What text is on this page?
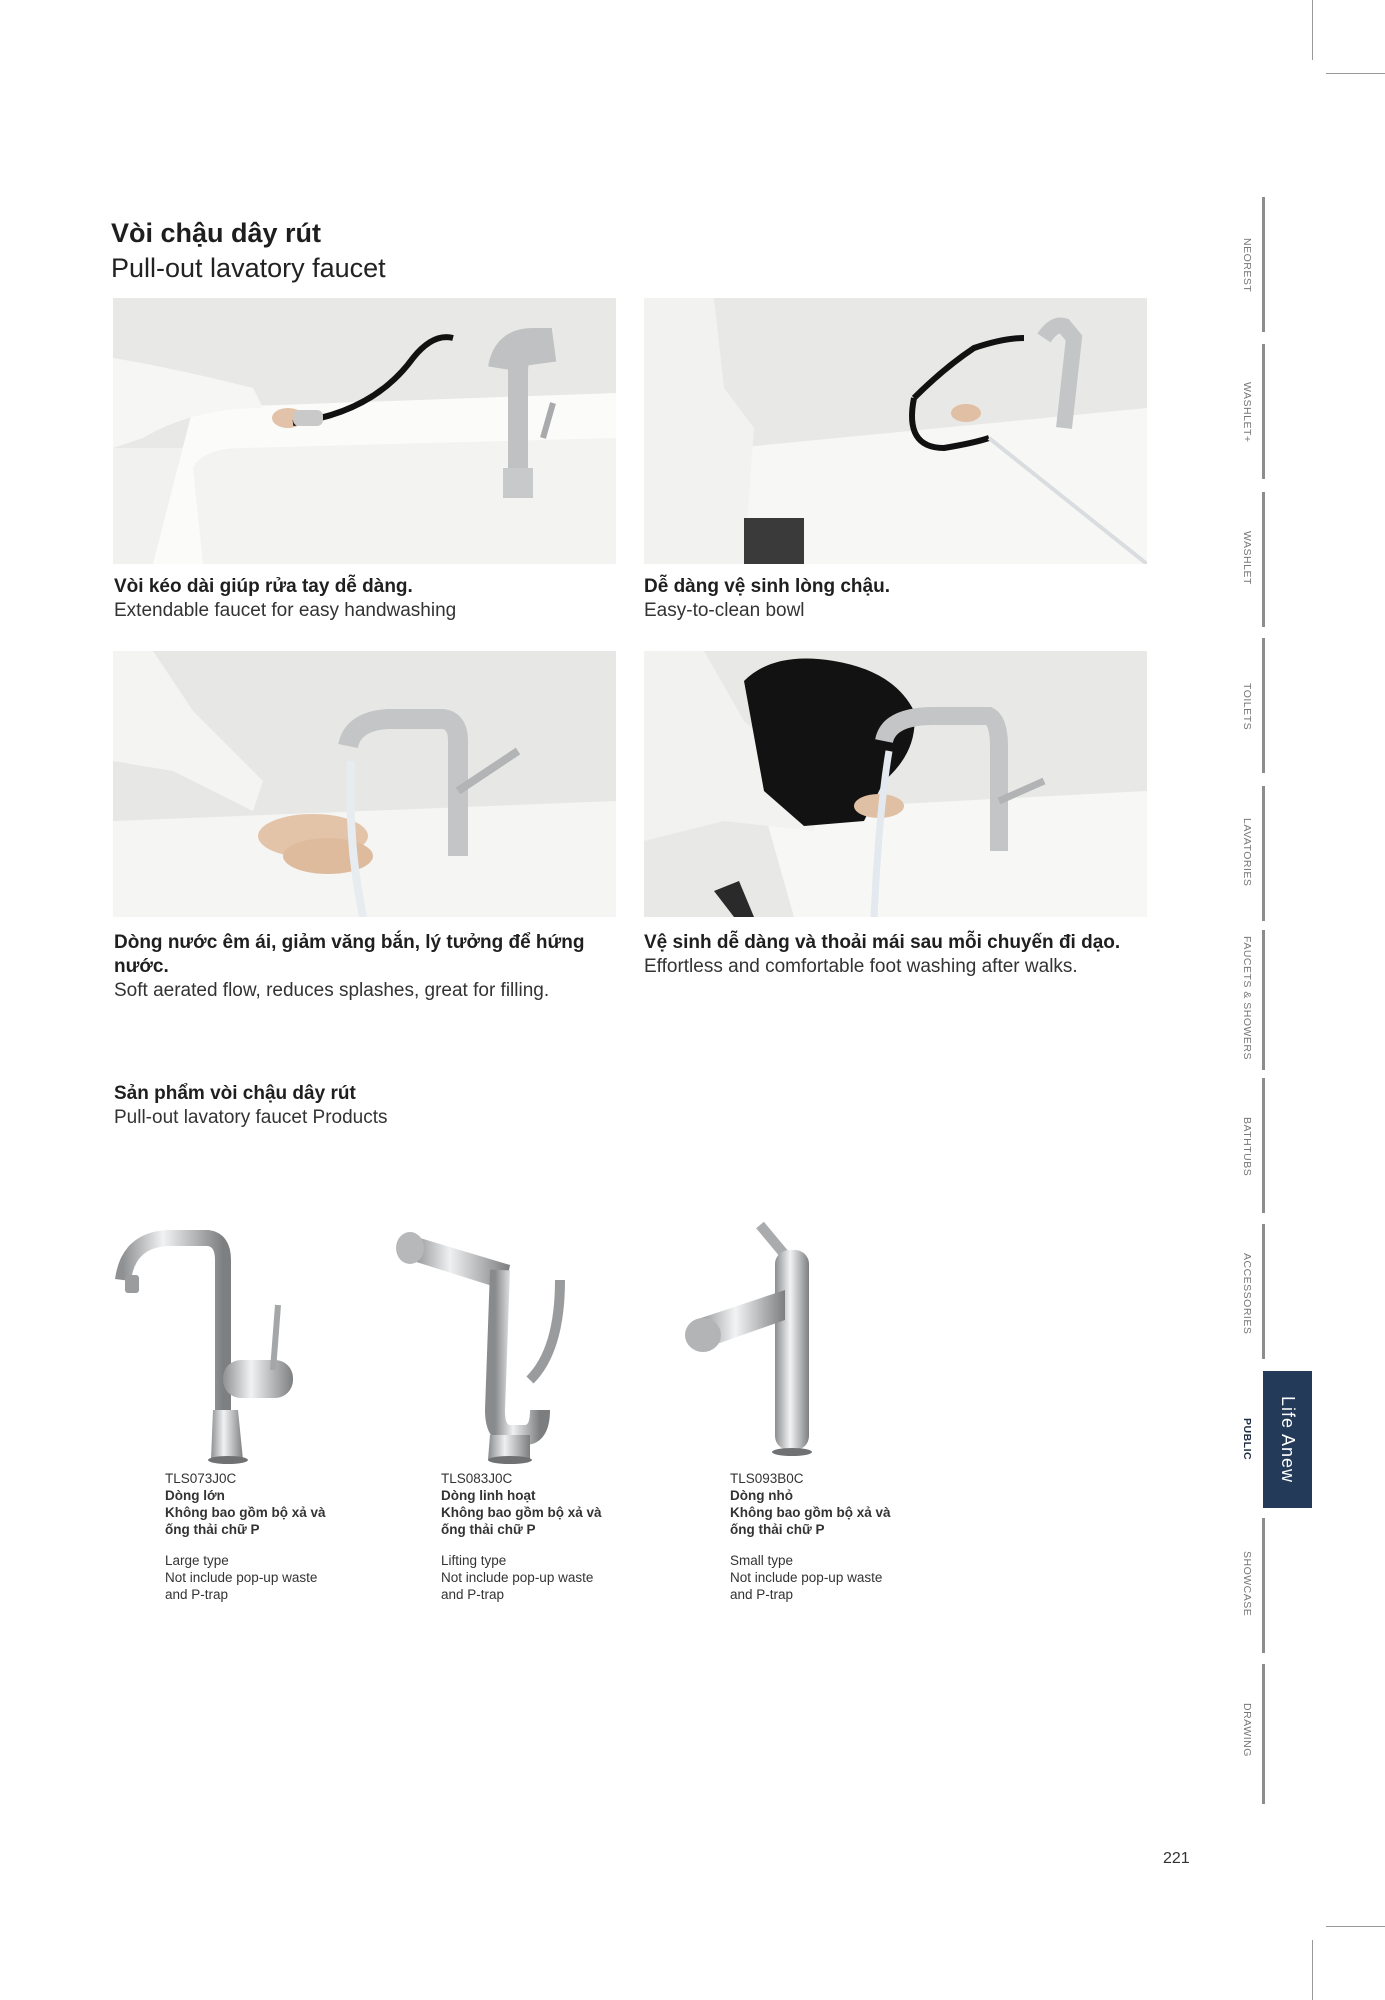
Vòi chậu dây rút
Pull-out lavatory faucet
Vòi kéo dài giúp rửa tay dễ dàng.
Extendable faucet for easy handwashing
Dễ dàng vệ sinh lòng chậu.
Easy-to-clean bowl
Dòng nước êm ái, giảm văng bắn, lý tưởng để hứng nước.
Soft aerated flow, reduces splashes, great for filling.
Vệ sinh dễ dàng và thoải mái sau mỗi chuyến đi dạo.
Effortless and comfortable foot washing after walks.
Sản phẩm vòi chậu dây rút
Pull-out lavatory faucet Products
TLS073J0C
Dòng lớn
Không bao gồm bộ xả và
ống thải chữ P
Large type
Not include pop-up waste
and P-trap
TLS083J0C
Dòng linh hoạt
Không bao gồm bộ xả và
ống thải chữ P
Lifting type
Not include pop-up waste
and P-trap
TLS093B0C
Dòng nhỏ
Không bao gồm bộ xả và
ống thải chữ P
Small type
Not include pop-up waste
and P-trap
NEOREST
WASHLET+
WASHLET
TOILETS
LAVATORIES
FAUCETS & SHOWERS
BATHTUBS
ACCESSORIES
PUBLIC	Life Anew
SHOWCASE
DRAWING
221
